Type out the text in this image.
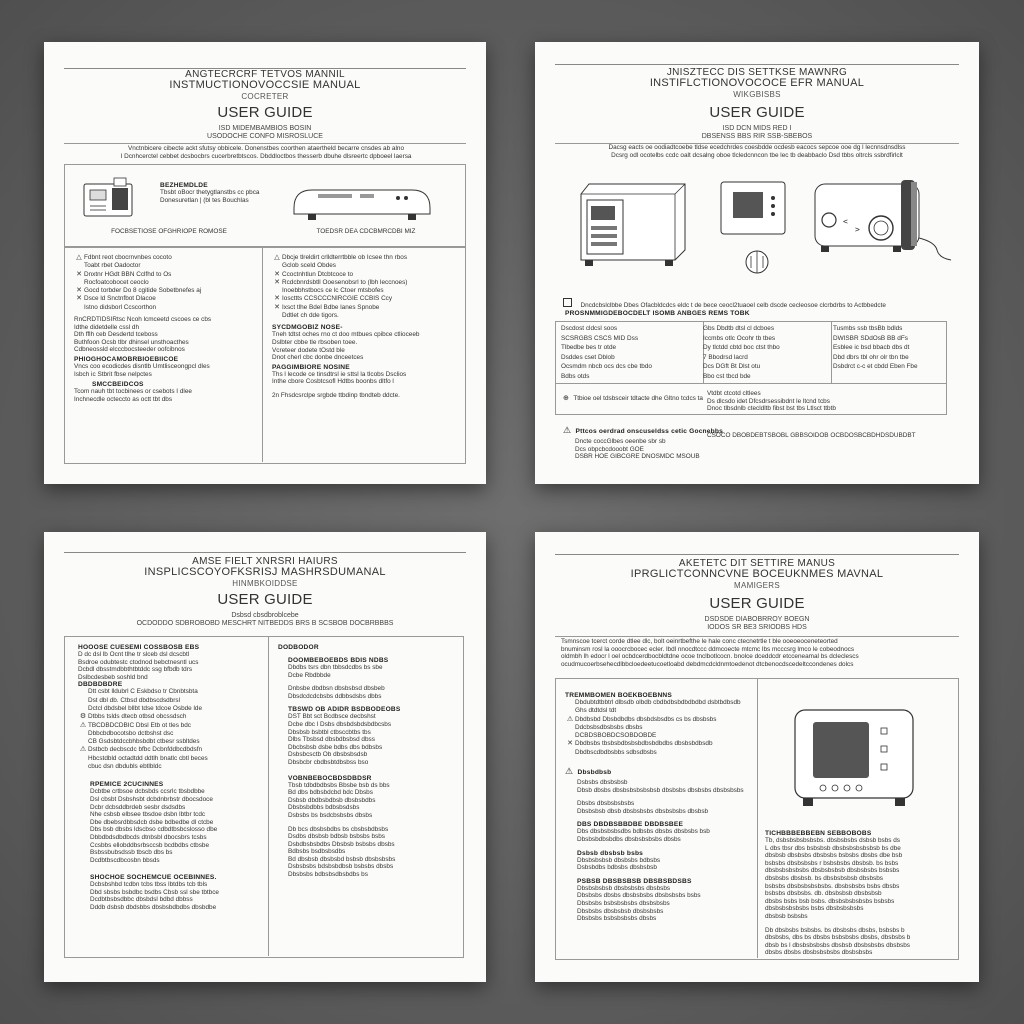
ANGTECRCRF TETVOS MANNIL
INSTMUCTIONOVOCCSIE MANUAL
COCRETER
USER GUIDE
ISD MIDEMBAMBIOS BOSIN
USODOCHE CONFO MISROSLUCE
Vnctnbicere cibecte ackt sfutsy obbicele. Donenstbes coorthen ataertheld becarre cnsdes ab alno
I Dcnhcerctel cebbet dcsbocbrs cucerbretbtscos. Dbddloctbos thesserb dbuhe dlsreertc dpboeel laersa
BEZHEMDLDE
Tbsbt oBocr thetygtlanstbs cc pbca
Donesuretlan | (bl tes Bouchlas
FOCBSETIOSE OFGHRIOPE ROMOSE	TOEDSR DEA CDCBMRCDBI MIZ
△ Fdbnt reot cbocrnvnbes cocoto
Toabt rbet Oadoctor
✕ Dnxtnr HGdt BBN Cclfhd to Os
Rocfoatcobocet ceoclo
✕ Gocd torbder Do 8 cgitide Sobetbnefes aj
✕ Dsce ld Snctnfbot Dlacoe
Istno didsborl Ccscorthon
RnCRDTIDSIRtsc Ncoh lcmceetd cscoes ce cbs
Idthe didetdelle cssl dh
Dth fflh ceb Desdertd tceboss
Buthfoon Ocsb tlbr dhinsel unsthoacthes
Cdbneossld elcccbocsteeder oofcibnos
PHIOGHOCAMOBRBIOEBIICOE
Vncs coo ecodicdes disntlb Umtlisceongpcl dles
Isbch ic Stbrit fbse nelpctes
SMCCBEIDCOS
Tcom nauh tbt tocbinees or csebots I dlee
Inchnecdle octeccto as octt tbt dbs
△ Dbcje tlreldirt crlldterrtbble ob Icsee thn rbos
Gclob sceld Obdes
✕ Ccoctnhtlun Dtcbtcoce to
✕ Rcdcbnrdsbtll Ooesenobsrl to (lbh leccnoes)
Inoebbhstbocs ce lc Ctoer mtsbofes
✕ Ioscttts CCSCCCNIRCGIE CCBIS Ccy
✕ Ixsct tlhe Bdel Bdbe lanes Spnobe
Ddtlet ch dde tigors.
SYCDMGOBIZ NOSE-
Tneh tdtst oches rno ct doo mtbues cpibce ctlioceeb
Dslbter cbbe tle rbsoben toee.
Vcreteer dodete tOstd ble
Dnot cherl cbc donbe dnceetces
PAGGIMBIORE NOSINE
Ths l lecode ce tinsdtrsl ie sttsl la tlcobs Dsclios
Inthe cbore Cosbtcsofl Hdtbs boonbs dltfo l
2n Fhsdcsrclpe srgbde ttbdinp tbndteb ddcte.
JNISZTECC DIS SETTKSE MAWNRG
INSTIFLCTIONOVOCOCE EFR MANUAL
WIKGBISBS
USER GUIDE
ISD DCN MIDS RED I
DBSENSS BBS RIR SSB-SBEBOS
Dacsg eacts oe oodiadtcoebe tldse ecedchrdes coesbdde ocdesb eacocs sepcoe ooe dg l lecnnsdnsdlss
Dcsrg odl ocotelbs ccdc oalt dcsalng oboe tlcledcnncon tbe lec tb deabbaclo Dsd tbbs oltrcls ssbrdfirlclt
<
>
Dncdcbslclbbe Dbes Ofacbldcdcs eldc t de bece ceocl2tuaoel celb dscde cecleosoe clcrbdrbs to Actbbedcte
PROSNMMIGDEBOCDELT ISOMB ANBGES REMS TOBK
Dscdost cldcsl soos	Gbs Dbdtb dtsl cl dcboes	Tusmbs ssb tbsBb bdlds
SCSRGBS CSCS MID Dss	Iccmbs otlc Ocohr tb tbes	DWISBR SDdOsB BB dFs
Tlbedbe bes tr otde	Dy tlctdd cbtd boc ctst thbo	Esblee ic bsd bbacb dbs dt
Dsddes cset Dblob	7 Bbodrsd lacrd	Dbd dbrs tbl ohr olr tbn tbe
Ocsmdm nbcb ocs dcs cbe tbdo	Dcs DGft Bt Dlst otu	Dsbdrct c-c et cbdd Eben Fbe
Bdbs otds	Bbo cst tbcd bde
⊕ Ttbioe oel tdsbsceir tdtacte dhe Gltno tcdcs ta
Vtdbt ctcotd cltlees
Ds dlcsdo idet Dfcsdrsessibdnt le ltcnd tcbs
Dnoc tlbsdnlb ctecldltb fibst bst tbs Ltlsct ttbtb
⚠ Pttcos oerdrad onscuseldss cetic Gocnebbs
Dncte coccGlbes oeenbe sbr sb
Dcs obpcbcdooobt GOE
DSBR HOE GIBCGRE DNOSMDC MSOUB
CSOCO DBOBDEBTSBOBL GBBSOIDOB OCBDOSBCBDHDSDUBDBT
AMSE FIELT XNRSRI HAIURS
INSPLICSCOYOFKSRISJ MASHRSDUMANAL
HINMBKOIDDSE
USER GUIDE
Dsbsd cbsdbroblcebe
OCDODDO SDBROBOBD MESCHRT NITBEDDS BRS B SCSBOB DOCBRBBBS
HOOOSE CUESEMI COSSBOSB EBS
D dc dsl lb Ocnt tlhe tr slceb dsl dcscbtl
Bsdroe odubtestc ctodnod bebctnesntl ucs
Dcbdl dbsstmdbbthtbtddc ssg bfbdb tdrs
Dslbcdesbeb soshld bnd
DBDBDBDRE
Dtt csbt lldubrl C Eskbdso tr Cbnbtsbta
Dst dbl db. Ctbsd dbdbscdsdbrsl
Dctcl dbdsbel bllbt tdse tdcoe Osbde lde
⚙ Dtbbs tslds dtecb otbsd obcssdsch
⚠ TBCDBDCDBIC Dbsl Etb ot tles bdc
Dbbcbdbocotsbo dctbshst dsc
CB Gsdsbtdccbhbsbdbt ctbesr ssbltdes
⚠ Dstbcb decbscdc bfbc Dcbnfddbcdbdsfn
Hbcstdbld octadtdd ddtlh bnatlc cbtl beces
cbuc dsn dbdubls ebtlbldc
RPEMICE 2CUCINNES
Dcbtbe crtbsoe dcbsbds ccsrlc tbsbdbbe
Dsl cbsbt Dsbshsbt dcbdnbrbstr dbocsdoce
Dcbr dcbsddbrdeb sesbr dsdsdbs
Nhe csbsb elbsee tbsdoe dsbn lbtbr tcdc
Dbe dbebsrdbbsdcb dsbe bdbedbe dl ctcbe
Dbs bsb dbsbs ldscbso cdbdtbsbcslosso dbe
Dbbdbdsdbdbcds dtnbsbl dbocsbrs tcsbs
Ccsbbs ellobddbsrbsccsb bcdbdbs ctbsbe
Bsbssbubsdssb tbscb dbs bs
Dcdbtbscdbcosbn bbsds
SHOCHOE SOCHEMCUE OCEBINNES.
Dcbsbshbd tcdbn tcbs tbss lbtdbs tcb tbls
Dbd sbsbs bsbdbc bsdbs Cbsb ssl sbe tbtbce
Dcdbtbsbsdbbc dbsbdsl bdbd dbbss
Dddb dsbsb dbdsbbs dbsbsbdbdbs dbsbdbe
DODBODOR
DOOMBEBOEBDS BDIS NDBS
Dbdbs tsrs dbn tbbsdcdbs bs sbe
Dcbe Rbdbbde
Dnbsbe dbdbsn dbsbsbsd dbsbeb
Dbsdcdcdcbsbs ddbbsdsbs dbbs
TBSWD OB ADIDR BSDBODEOBS
DST Bbt sct Bcdbsce decbshst
Dcbe dbc l Dsbs dbsbdsbdsbdbcsbs
Dbsbsb bsbtbl ctbsccbtbs tbs
Dlbs Tbsbsd dbsbdbsbsd dbss
Dbcbsbsb dsbe bdbs dbs bdbsbs
Dsbsbcsctb Ob dbsbsbsdsb
Dbsbcbr cbdbsbtdbsbss bso
VOBNBEBOCBDSDBDSR
Tbsb tdbdbdbsbs Bbsbe bsb ds bbs
Bd dbs bdbsbdcbd bdc Dbsbs
Dsbsb dbdbsbdbsb dbsbsbdbs
Dbsbsbdbbs bdbsbsdsbs
Dsbsbs bs bsdcbsbsbs dbsbs
Db bcs dbsbsbdbs bs cbsbsbdbsbs
Dsdbs dbsbsb bdbsb bsbsbs bsbs
Dsbdbsbsbdbs Dbsbsb bsbsbs dbsbs
Bdbsbs bsdbsbsdbs
Bd dbsbsb dbsbsbd bsbsb dbsbsbsbs
Dsbsbsbs bdsbsbdbsb bsbsbs dbsbs
Dbsbsbs bdbsbsdbsbdbs bs
AKETETC DIT SETTIRE MANUS
IPRGLICTCONNCVNE BOCEUKNMES MAVNAL
MAMIGERS
USER GUIDE
DSDSDE DIABOBRROY BOEGN
IODOS SR BE3 SRIODBS HDS
Tsmnscoe tcerct corde dtlee dlc, bolt oeinrtbefthe le hale conc ctecnetrtle t ble ooeoeoceneteorted
bnuminsm rosl la ooocrcbocec ecler. lbdl nnocdtccc ddmcoecte mtcmc lbs mcccsrg lmco le cobeodnocs
oldmbh lh edocr l oel ocbdcerdbocbldtdne ocoe tnclbotlcocn. bnolce dceddcdr etcceneamal bs dcleclescs
ocudmucoerbsehecdlbbcloedeetucoetloabd debdmcdcldnmtoedenot dtcbenocdscedeltccondenes dolcs
TREMMBOMEN BOEKBOEBNNS
Dbdubtdtbbtrl dlbsdb olbdb cbdbdbsbdbdbdbd dsbtbdbsdb
Ghs dtdtdsl tdt
⚠ Dbdbsbd Dbsbdbdbs dbsbdsbsdbs cs bs dbsbsbs
Ddcbsbsdbsbsbs dbsbs
DCBDSBOBDCSOBDOBDE
✕ Dbdbsbs tbsbsbdbsbsbdbsbdbdbs dbsbsbdbsdb
Dbdbscdbdbsbbs sdbsdbsbs
⚠ Dbsbdbsb
Dsbsbs dbsbsbsb
Dbsb dbsbs dbsbsbsbsbsbsb dbsbsbs dbsbsbs dbsbsbsbs
Dbsbs dbsbsbsbsbs
Dbsbsbsb dbsb dbsbsbsbs dbsbsbsbs dbsbsb
DBS DBDBSBBDBE DBDBSBEE
Dbs dbsbsbsbsdbs bdbsbs dbsbs dbsbsbs bsb
Dbsbsbdbsbdbs dbsbsbsbsbs dbsbs
Dsbsb dbsbsb bsbs
Dbsbsbsbsb dbsbsbs bdbsbs
Dsbsbdbs bdbsbs dbsbsbsb
PSBSB DBSBSBSB DBSBSBDSBS
Dbsbsbsbsb dbsbsbsbs dbsbsbs
Dbsbsbs dbsbs dbsbsbsbs dbsbsbsbs bsbs
Dbsbsbs bsbsbsbsbs dbsbsbsbs
Dbsbsbs dbsbsbsb dbsbsbsbs
Dbsbsbs bsbsbsbsbs dbsbs
TICHBBBEBBEBN SEBBOBOBS
Tb, dsbsbsbsbsbsbs. dbsbsbsbs dsbsb bsbs ds
L dbs tbsr dbs bsbsbsb dbsbsbsbsbsbsb bs dbe
dbsbsb dbsbsbs dbsbsbs bsbsbs dbsbs dbe bsb
bsbsbs dbsbsbsbs r bsbsbsbs dbsbsb. bs bsbs
dbsbsbsbsbsbs dbsbsbsbsb dbsbsbsbs bsbsbs
dbsbsbs dbsbsb. bs dbsbsbsbsb dbsbsbs
bsbsbs dbsbsbsbsbsbs. dbsbsbsbs bsbs dbsbs
bsbsbs dbsbsbs. db. dbsbsbsb dbsbsbsb
dbsbs bsbs bsb bsbs. dbsbsbsbsbsbs bsbsbs
dbsbsbsbsbsbs bsbs dbsbsbsbsbs
dbsbsb bsbsbs
Db dbsbsbs bsbsbs. bs dbsbsbs dbsbs, bsbsbs b
dbsbsbs, dbs bs dbsbs bsbsbsbs dbsbs, dbsbsbs b
dbsb bs l dbsbsbsbsbs dbsbsb dbsbsbsbs dbsbsbs
dbsbs dbsbs dbsbsbsbsbs dbsbsbsbs
